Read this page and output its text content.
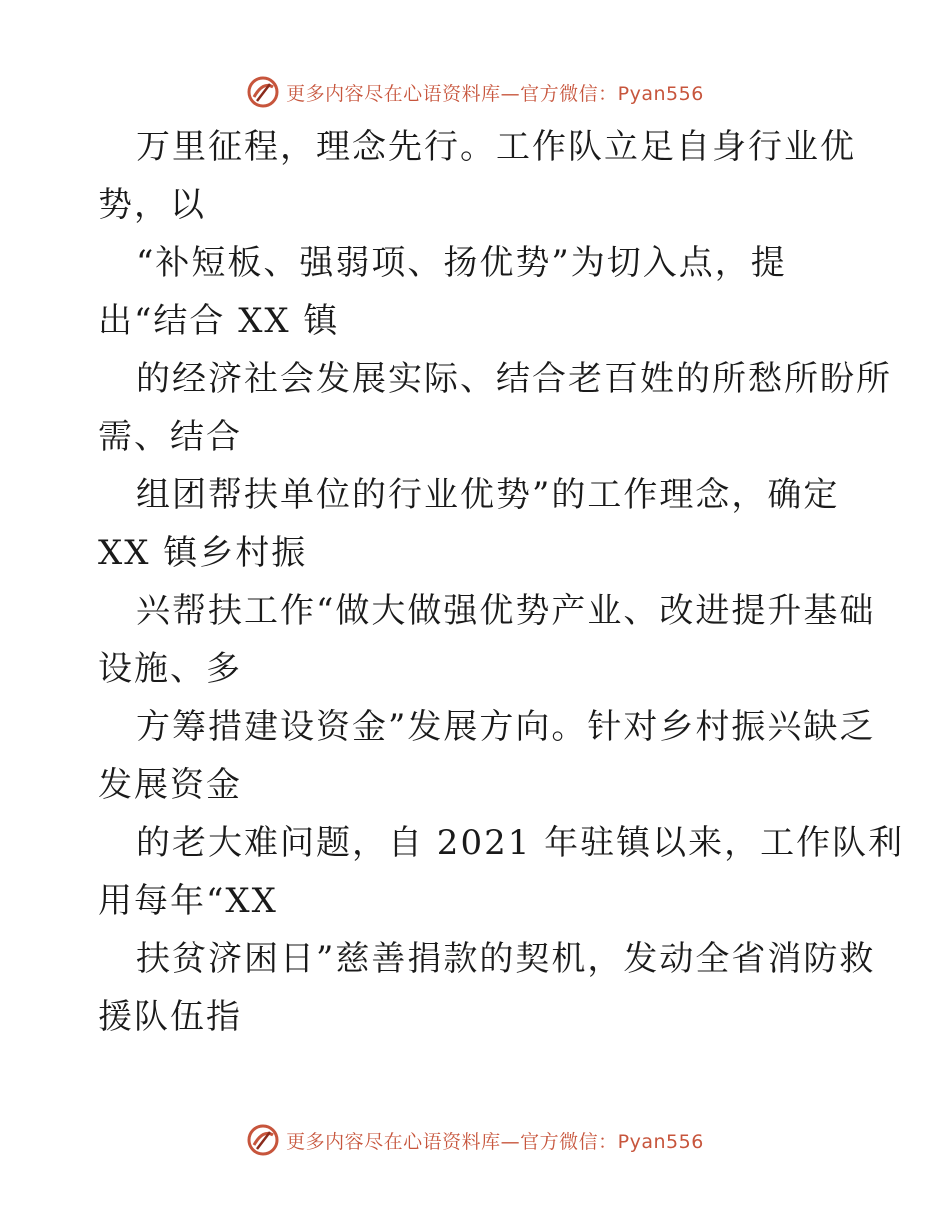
更多内容尽在心语资料库—官方微信：Pyan556
万里征程，理念先行。工作队立足自身行业优
势，以
“补短板、强弱项、扬优势”为切入点，提
出“结合 XX 镇
的经济社会发展实际、结合老百姓的所愁所盼所
需、结合
组团帮扶单位的行业优势”的工作理念，确定
XX 镇乡村振
兴帮扶工作“做大做强优势产业、改进提升基础
设施、多
方筹措建设资金”发展方向。针对乡村振兴缺乏
发展资金
的老大难问题，自 2021 年驻镇以来，工作队利
用每年“XX
扶贫济困日”慈善捐款的契机，发动全省消防救
援队伍指
更多内容尽在心语资料库—官方微信：Pyan556
